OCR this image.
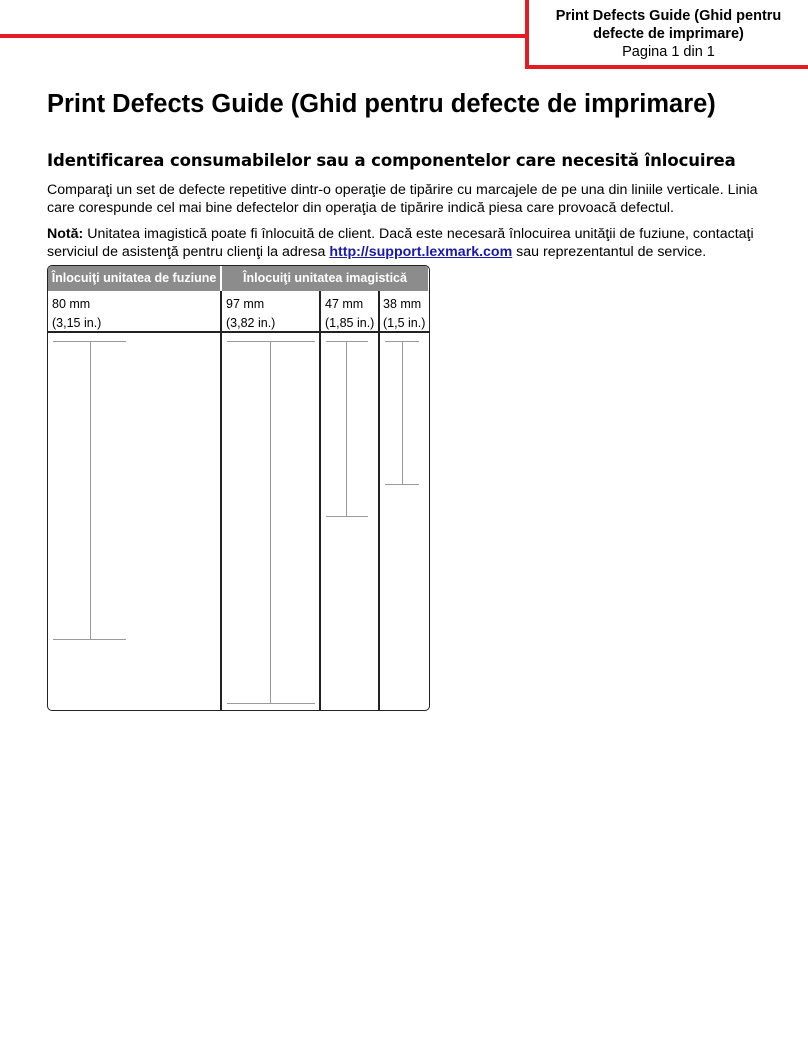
Print Defects Guide (Ghid pentru
defecte de imprimare)
Pagina 1 din 1
Print Defects Guide (Ghid pentru defecte de imprimare)
Identificarea consumabilelor sau a componentelor care necesită înlocuirea

Comparaţi un set de defecte repetitive dintr-o operaţie de tipărire cu marcajele de pe una din liniile verticale. Linia care corespunde cel mai bine defectelor din operaţia de tipărire indică piesa care provoacă defectul.

Notă: Unitatea imagistică poate fi înlocuită de client. Dacă este necesară înlocuirea unităţii de fuziune, contactaţi serviciul de asistenţă pentru clienţi la adresa http://support.lexmark.com sau reprezentantul de service.

Înlocuiţi unitatea de fuziune	Înlocuiţi unitatea imagistică
80 mm
(3,15 in.)
97 mm
(3,82 in.)
47 mm
(1,85 in.)
38 mm
(1,5 in.)
